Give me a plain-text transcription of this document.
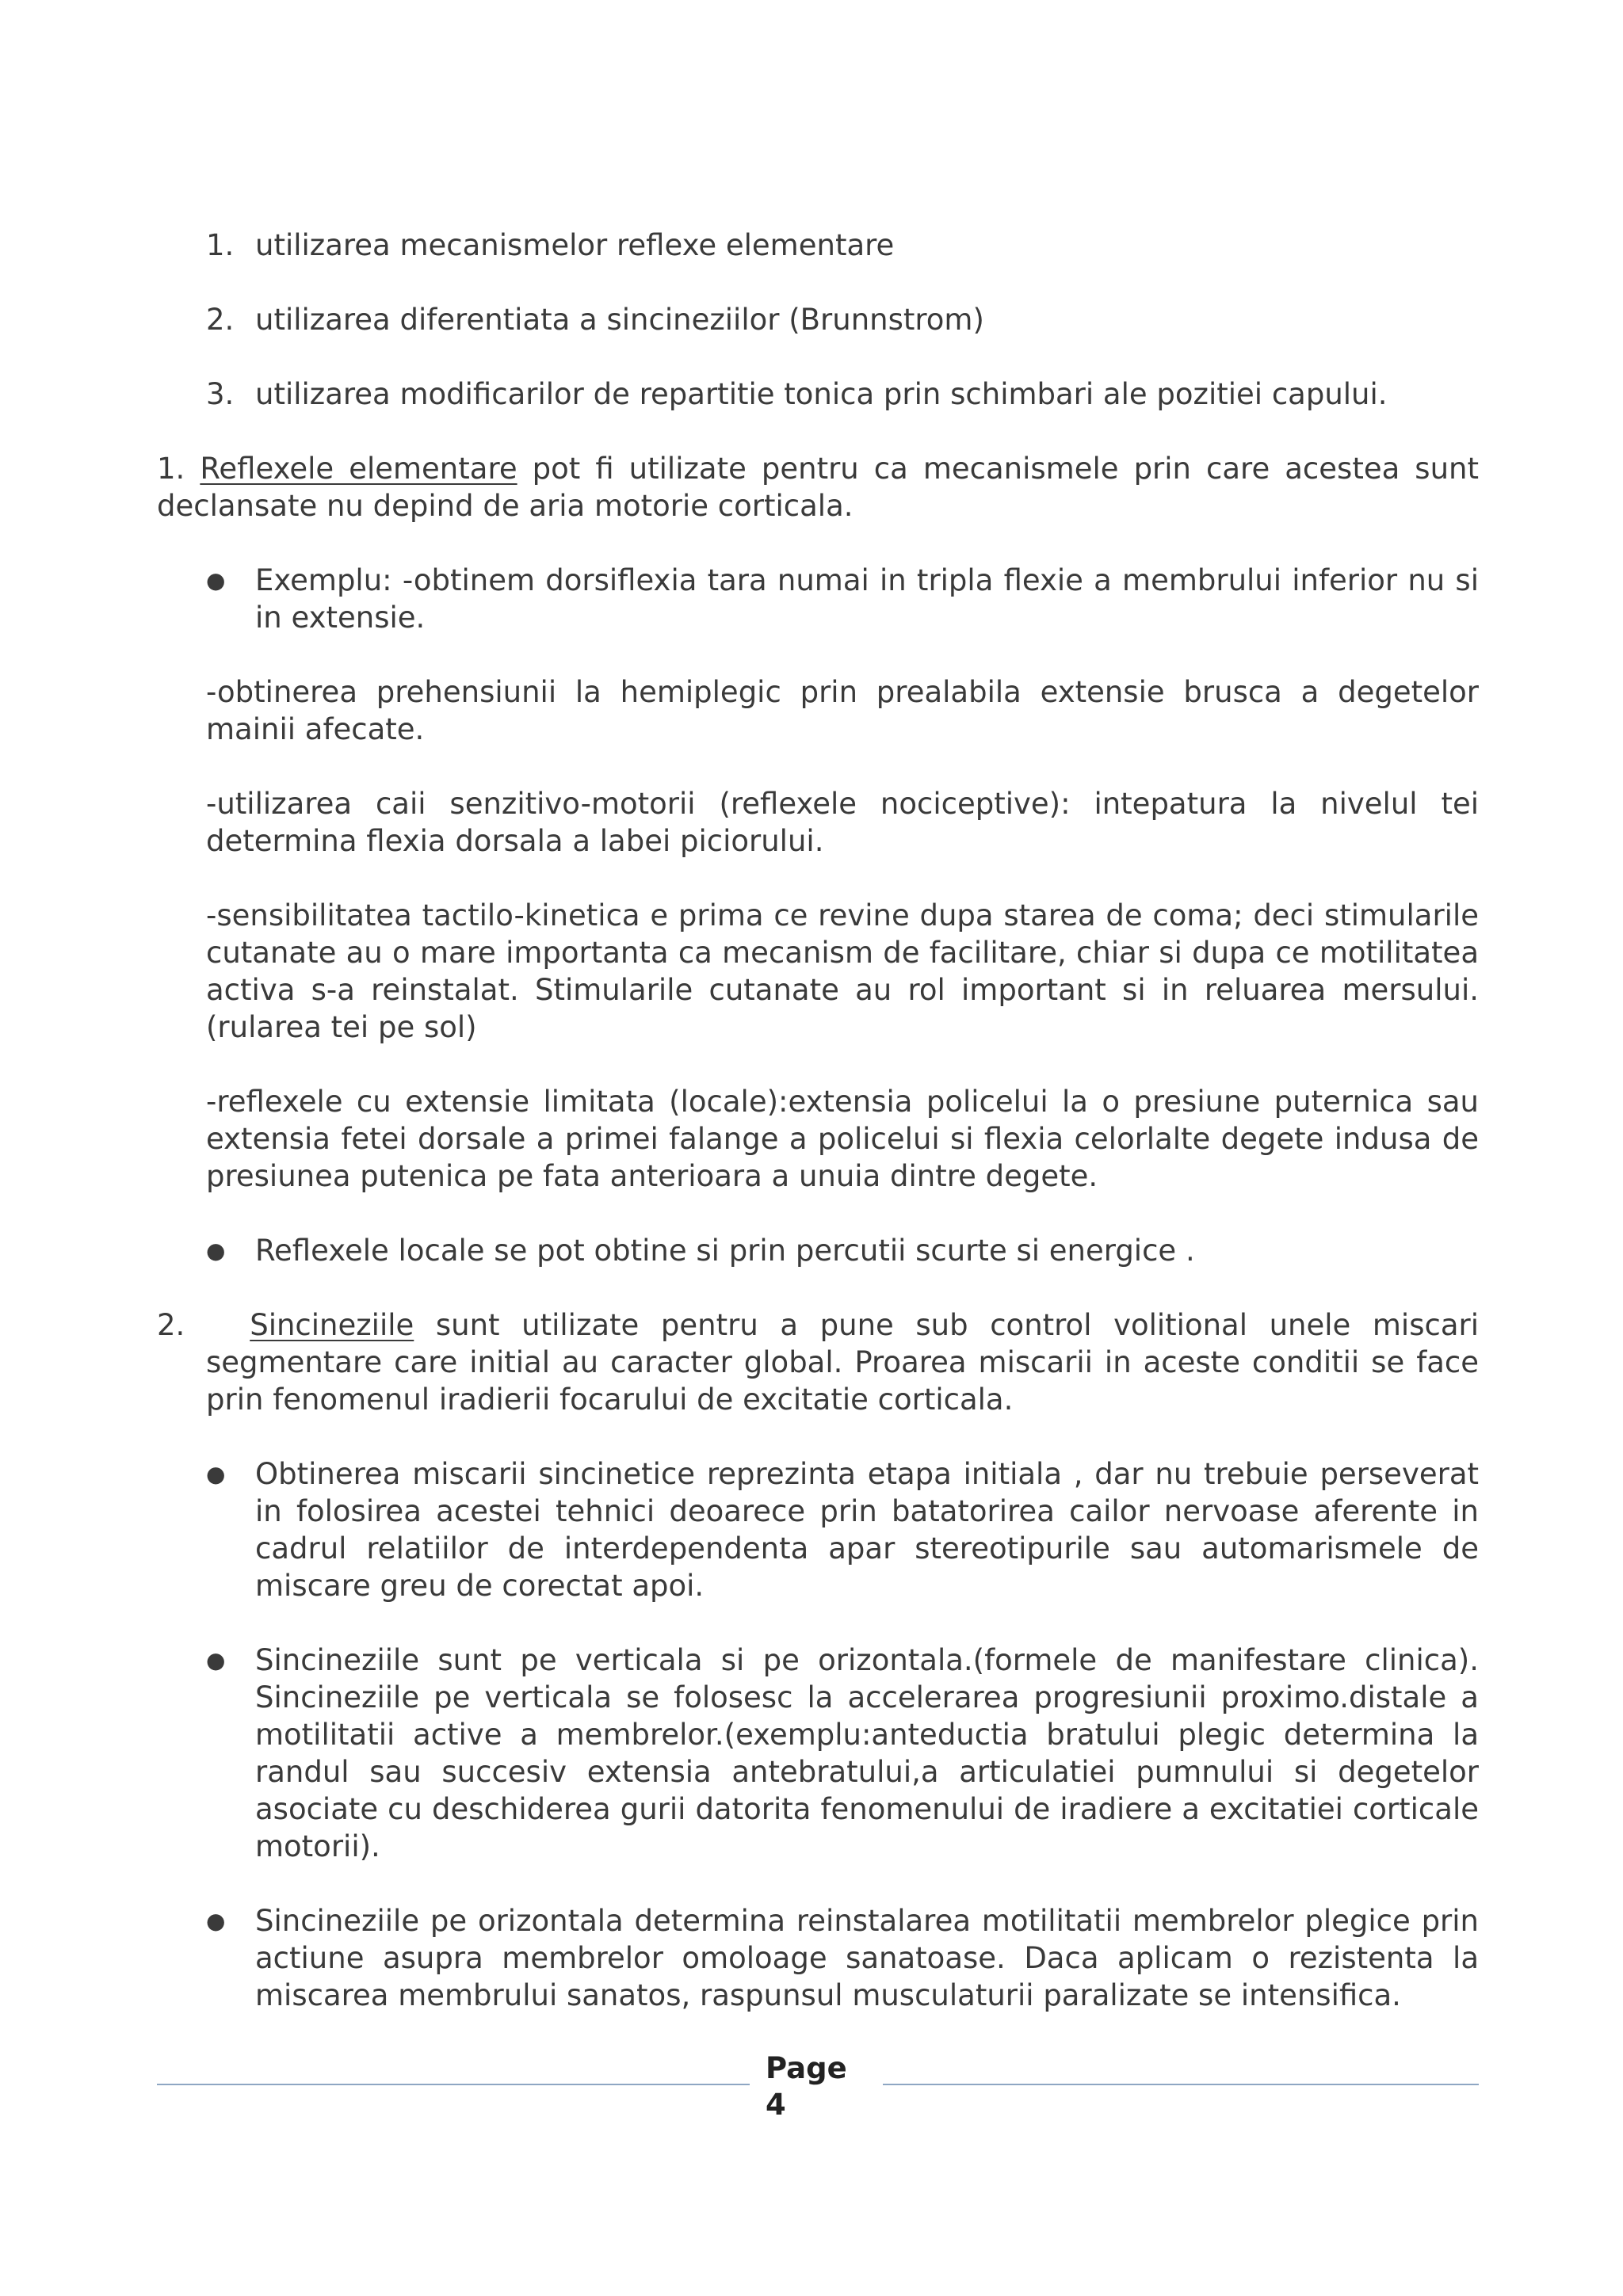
1. utilizarea mecanismelor reflexe elementare
2. utilizarea diferentiata a sincineziilor (Brunnstrom)
3. utilizarea modificarilor de repartitie tonica prin schimbari ale pozitiei capului.

1. Reflexele elementare pot fi utilizate pentru ca mecanismele prin care acestea sunt declansate nu depind de aria motorie corticala.

● Exemplu: -obtinem dorsiflexia tara numai in tripla flexie a membrului inferior nu si in extensie.

-obtinerea prehensiunii la hemiplegic prin prealabila extensie brusca a degetelor mainii afecate.

-utilizarea caii senzitivo-motorii (reflexele nociceptive): intepatura la nivelul tei determina flexia dorsala a labei piciorului.

-sensibilitatea tactilo-kinetica e prima ce revine dupa starea de coma; deci stimularile cutanate au o mare importanta ca mecanism de facilitare, chiar si dupa ce motilitatea activa s-a reinstalat. Stimularile cutanate au rol important si in reluarea mersului.(rularea tei pe sol)

-reflexele cu extensie limitata (locale):extensia policelui la o presiune puternica sau extensia fetei dorsale a primei falange a policelui si flexia celorlalte degete indusa de presiunea putenica pe fata anterioara a unuia dintre degete.

● Reflexele locale se pot obtine si prin percutii scurte si energice .
2. Sincineziile sunt utilizate pentru a pune sub control volitional unele miscari segmentare care initial au caracter global. Proarea miscarii in aceste conditii se face prin fenomenul iradierii focarului de excitatie corticala.
● Obtinerea miscarii sincinetice reprezinta etapa initiala , dar nu trebuie perseverat in folosirea acestei tehnici deoarece prin batatorirea cailor nervoase aferente in cadrul relatiilor de interdependenta apar stereotipurile sau automarismele de miscare greu de corectat apoi.
● Sincineziile sunt pe verticala si pe orizontala.(formele de manifestare clinica). Sincineziile pe verticala se folosesc la accelerarea progresiunii proximo.distale a motilitatii active a membrelor.(exemplu:anteductia bratului plegic determina la randul sau succesiv extensia antebratului,a articulatiei pumnului si degetelor asociate cu deschiderea gurii datorita fenomenului de iradiere a excitatiei corticale motorii).
● Sincineziile pe orizontala determina reinstalarea motilitatii membrelor plegice prin actiune asupra membrelor omoloage sanatoase. Daca aplicam o rezistenta la miscarea membrului sanatos, raspunsul musculaturii paralizate se intensifica.
Page
4
